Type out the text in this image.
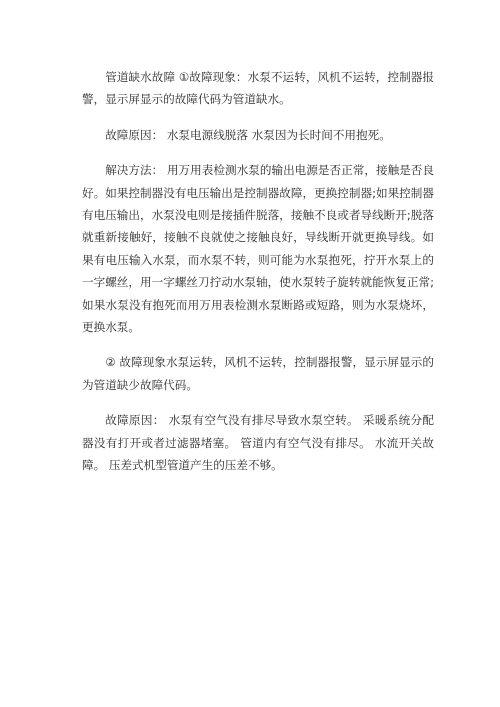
管道缺水故障 ①故障现象：水泵不运转，风机不运转，控制器报警，显示屏显示的故障代码为管道缺水。

故障原因： 水泵电源线脱落 水泵因为长时间不用抱死。

解决方法： 用万用表检测水泵的输出电源是否正常，接触是否良好。如果控制器没有电压输出是控制器故障，更换控制器;如果控制器有电压输出，水泵没电则是接插件脱落，接触不良或者导线断开;脱落就重新接触好，接触不良就使之接触良好，导线断开就更换导线。如果有电压输入水泵，而水泵不转，则可能为水泵抱死，拧开水泵上的一字螺丝，用一字螺丝刀拧动水泵轴，使水泵转子旋转就能恢复正常;如果水泵没有抱死而用万用表检测水泵断路或短路，则为水泵烧坏，更换水泵。

② 故障现象水泵运转，风机不运转，控制器报警，显示屏显示的为管道缺少故障代码。

故障原因： 水泵有空气没有排尽导致水泵空转。 采暖系统分配器没有打开或者过滤器堵塞。 管道内有空气没有排尽。 水流开关故障。 压差式机型管道产生的压差不够。
